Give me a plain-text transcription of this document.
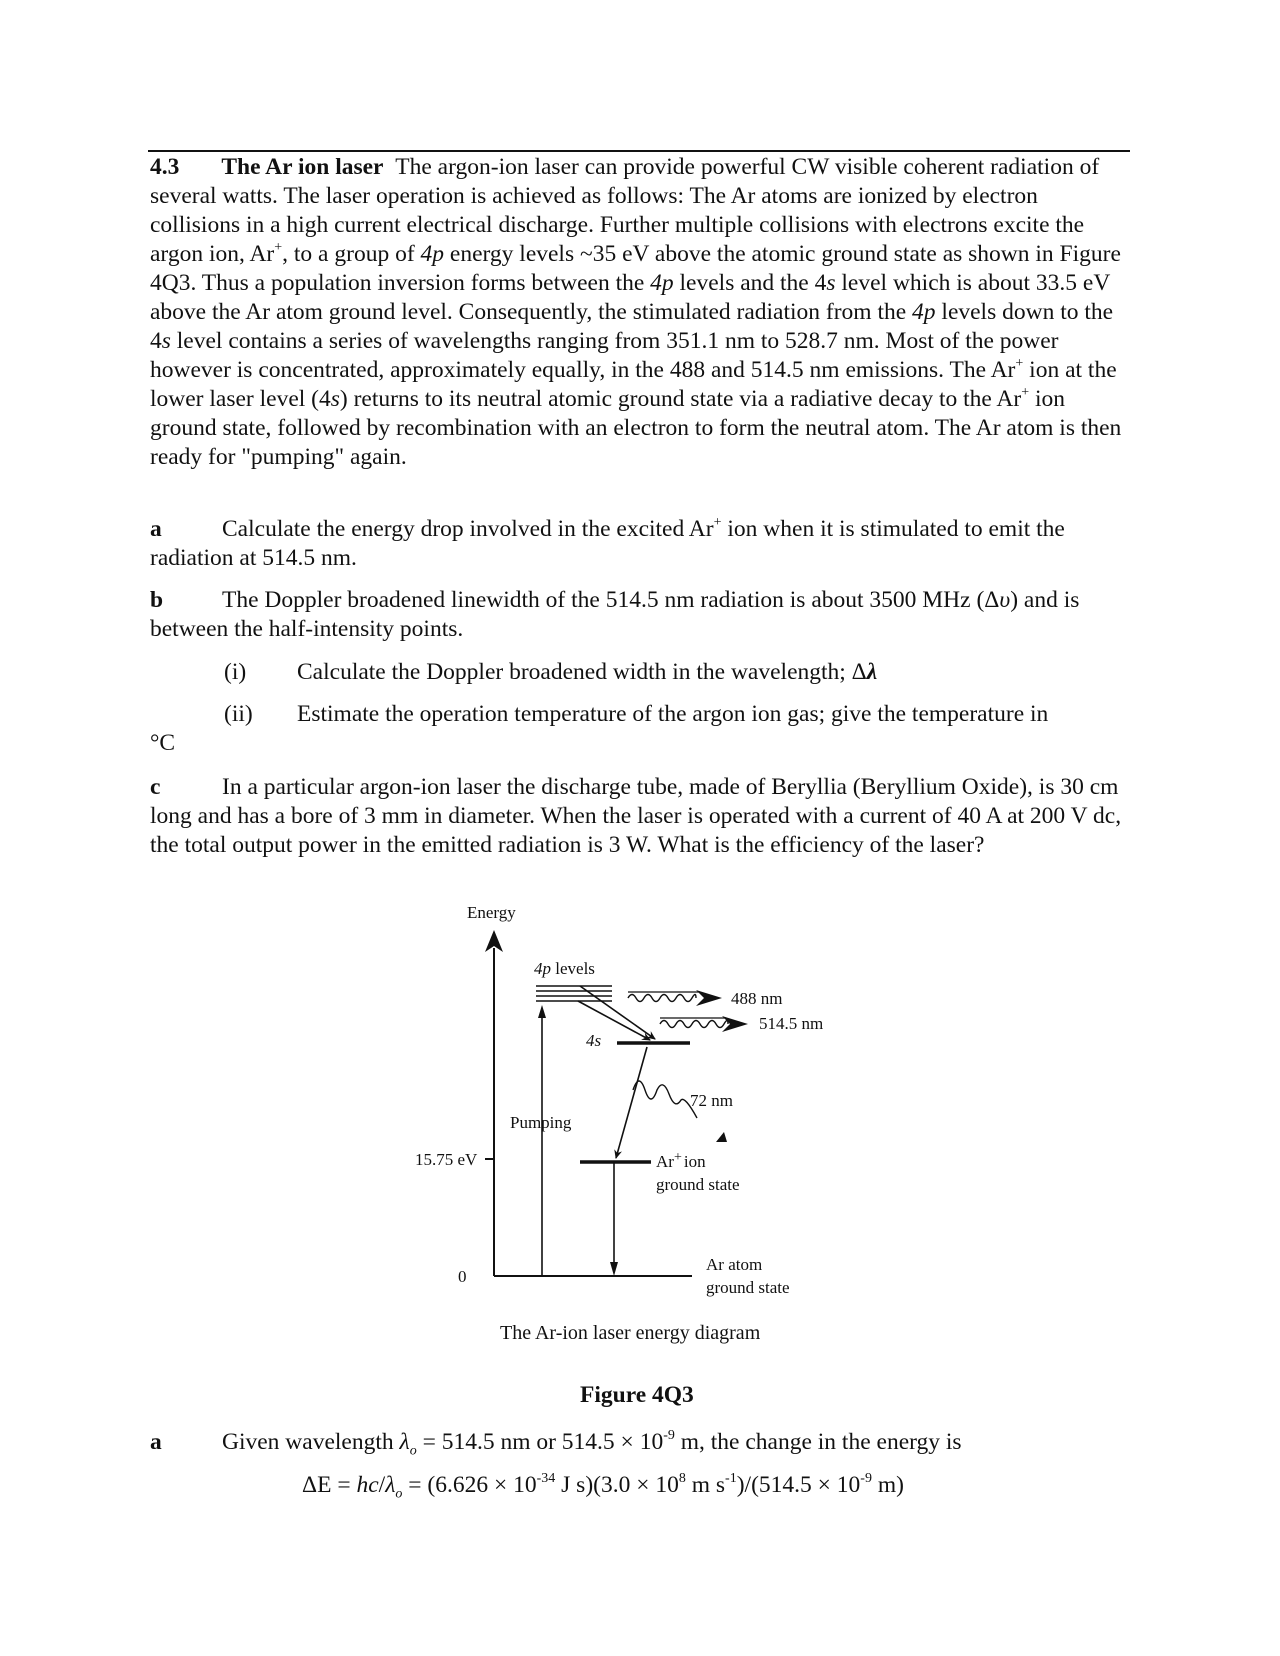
4.3 The Ar ion laser The argon-ion laser can provide powerful CW visible coherent radiation of several watts. The laser operation is achieved as follows: The Ar atoms are ionized by electron collisions in a high current electrical discharge. Further multiple collisions with electrons excite the argon ion, Ar+, to a group of 4p energy levels ~35 eV above the atomic ground state as shown in Figure 4Q3. Thus a population inversion forms between the 4p levels and the 4s level which is about 33.5 eV above the Ar atom ground level. Consequently, the stimulated radiation from the 4p levels down to the 4s level contains a series of wavelengths ranging from 351.1 nm to 528.7 nm. Most of the power however is concentrated, approximately equally, in the 488 and 514.5 nm emissions. The Ar+ ion at the lower laser level (4s) returns to its neutral atomic ground state via a radiative decay to the Ar+ ion ground state, followed by recombination with an electron to form the neutral atom. The Ar atom is then ready for "pumping" again.

a	Calculate the energy drop involved in the excited Ar+ ion when it is stimulated to emit the radiation at 514.5 nm.

b	The Doppler broadened linewidth of the 514.5 nm radiation is about 3500 MHz (Δυ) and is between the half-intensity points.

(i) Calculate the Doppler broadened width in the wavelength; Δλ
(ii) Estimate the operation temperature of the argon ion gas; give the temperature in
°C

c	In a particular argon-ion laser the discharge tube, made of Beryllia (Beryllium Oxide), is 30 cm long and has a bore of 3 mm in diameter. When the laser is operated with a current of 40 A at 200 V dc, the total output power in the emitted radiation is 3 W. What is the efficiency of the laser?

Energy
15.75 eV
0
Pumping
4p levels
4s
488 nm
514.5 nm
72 nm
Ar+ ion
ground state
Ar atom
ground state
The Ar-ion laser energy diagram
Figure 4Q3
a	Given wavelength $\lambda_o = 514.5$ nm or $514.5 \times 10^{-9}$ m, the change in the energy is
$\Delta E = hc/\lambda_o = (6.626 \times 10^{-34}$ J $s)(3.0 \times 10^8$ m $s^{-1})/(514.5 \times 10^{-9}$ m)
